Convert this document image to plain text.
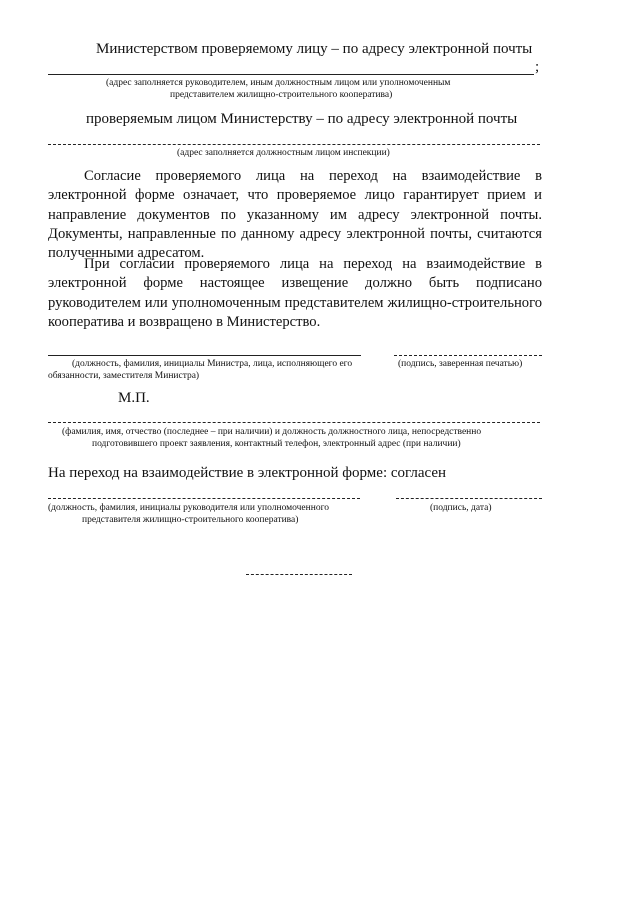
Министерством проверяемому лицу – по адресу электронной почты
;
(адрес заполняется руководителем, иным должностным лицом или уполномоченным
представителем жилищно-строительного кооператива)
проверяемым лицом Министерству – по адресу электронной почты
(адрес заполняется должностным лицом инспекции)
Согласие проверяемого лица на переход на взаимодействие в электронной форме означает, что проверяемое лицо гарантирует прием и направление документов по указанному им адресу электронной почты. Документы, направленные по данному адресу электронной почты, считаются полученными адресатом.
При согласии проверяемого лица на переход на взаимодействие в электронной форме настоящее извещение должно быть подписано руководителем или уполномоченным представителем жилищно-строительного кооператива и возвращено в Министерство.
(должность, фамилия, инициалы Министра, лица, исполняющего его
обязанности, заместителя Министра)
(подпись, заверенная печатью)
М.П.
(фамилия, имя, отчество (последнее – при наличии) и должность должностного лица, непосредственно
подготовившего проект заявления, контактный телефон, электронный адрес (при наличии)
На переход на взаимодействие в электронной форме: согласен
(должность, фамилия, инициалы руководителя или уполномоченного
представителя жилищно-строительного кооператива)
(подпись, дата)
